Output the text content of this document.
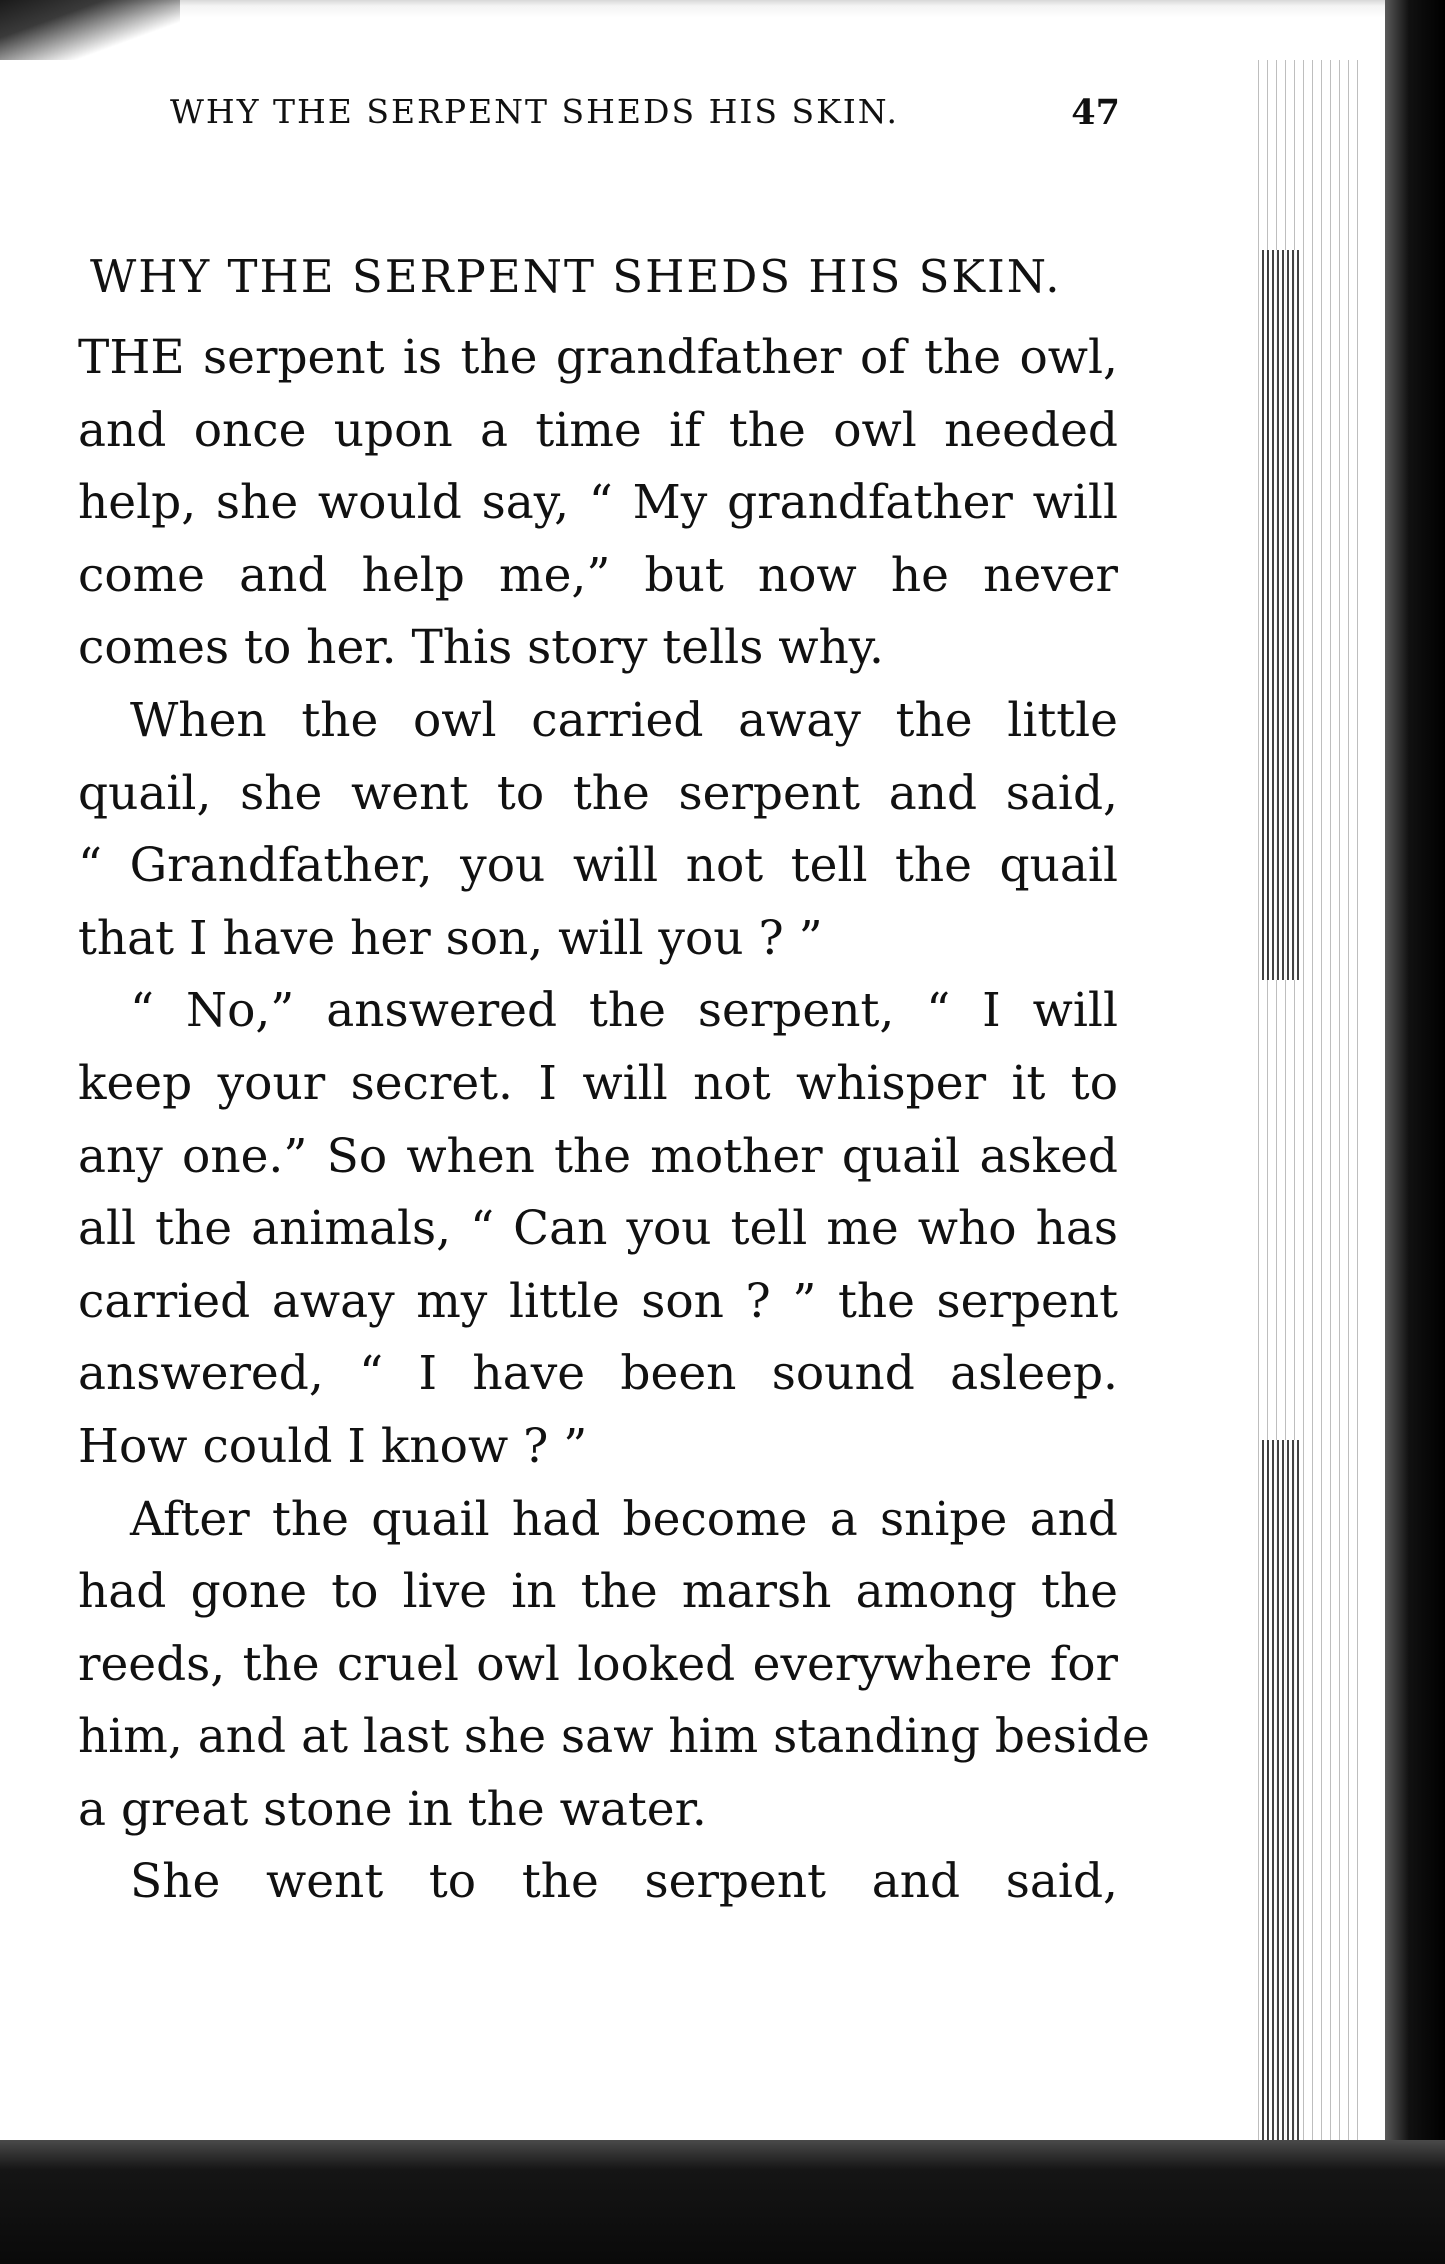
WHY THE SERPENT SHEDS HIS SKIN.	47
WHY THE SERPENT SHEDS HIS SKIN.
THE serpent is the grandfather of the owl,
and once upon a time if the owl needed
help, she would say, “ My grandfather will
come and help me,” but now he never
comes to her. This story tells why.
When the owl carried away the little
quail, she went to the serpent and said,
“ Grandfather, you will not tell the quail
that I have her son, will you ? ”
“ No,” answered the serpent, “ I will
keep your secret. I will not whisper it to
any one.” So when the mother quail asked
all the animals, “ Can you tell me who has
carried away my little son ? ” the serpent
answered, “ I have been sound asleep.
How could I know ? ”
After the quail had become a snipe and
had gone to live in the marsh among the
reeds, the cruel owl looked everywhere for
him, and at last she saw him standing beside
a great stone in the water.
She went to the serpent and said,
